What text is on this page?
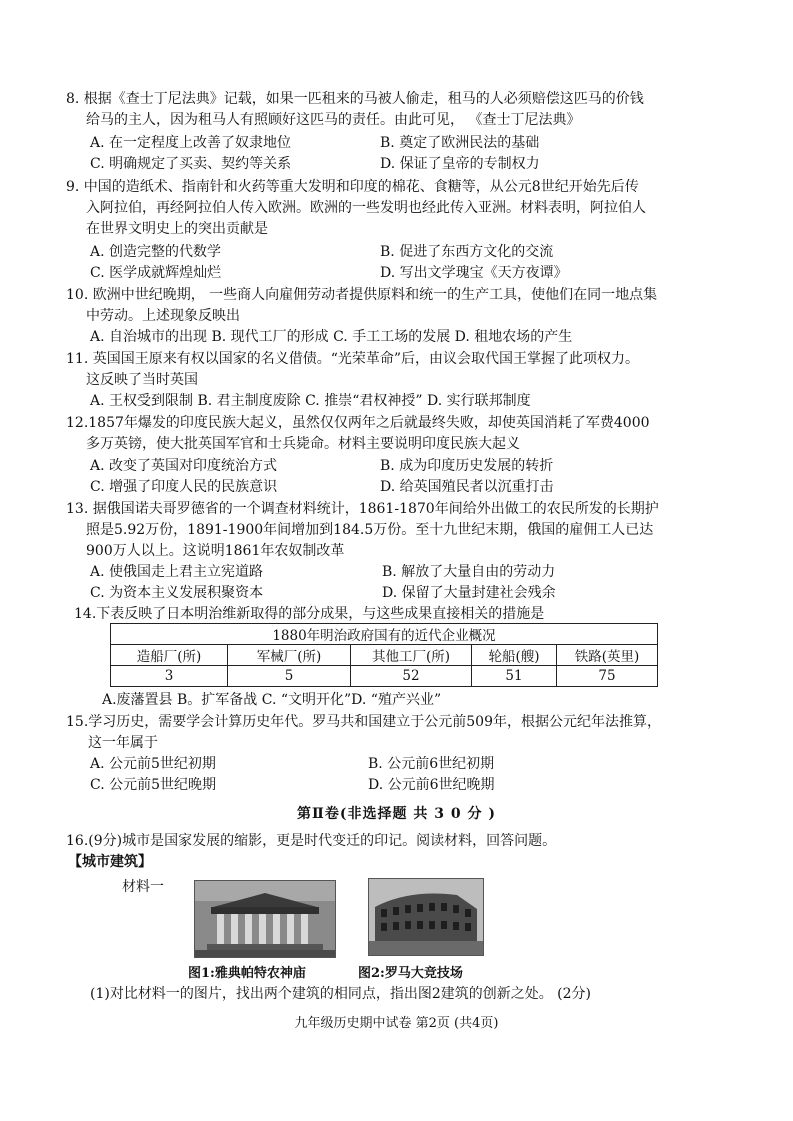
8. 根据《查士丁尼法典》记载，如果一匹租来的马被人偷走，租马的人必须赔偿这匹马的价钱
给马的主人，因为租马人有照顾好这匹马的责任。由此可见， 《查士丁尼法典》
A. 在一定程度上改善了奴隶地位	B. 奠定了欧洲民法的基础
C. 明确规定了买卖、契约等关系	D. 保证了皇帝的专制权力
9. 中国的造纸术、指南针和火药等重大发明和印度的棉花、食糖等，从公元8世纪开始先后传
入阿拉伯，再经阿拉伯人传入欧洲。欧洲的一些发明也经此传入亚洲。材料表明，阿拉伯人
在世界文明史上的突出贡献是
A. 创造完整的代数学	B. 促进了东西方文化的交流
C. 医学成就辉煌灿烂	D. 写出文学瑰宝《天方夜谭》
10. 欧洲中世纪晚期， 一些商人向雇佣劳动者提供原料和统一的生产工具，使他们在同一地点集
中劳动。上述现象反映出
A. 自治城市的出现 B. 现代工厂的形成 C. 手工工场的发展 D. 租地农场的产生
11. 英国国王原来有权以国家的名义借债。“光荣革命”后，由议会取代国王掌握了此项权力。
这反映了当时英国
A. 王权受到限制 B. 君主制度废除 C. 推崇“君权神授” D. 实行联邦制度
12.1857年爆发的印度民族大起义，虽然仅仅两年之后就最终失败，却使英国消耗了军费4000
多万英镑，使大批英国军官和士兵毙命。材料主要说明印度民族大起义
A. 改变了英国对印度统治方式	B. 成为印度历史发展的转折
C. 增强了印度人民的民族意识	D. 给英国殖民者以沉重打击
13. 据俄国诺夫哥罗德省的一个调查材料统计，1861-1870年间给外出做工的农民所发的长期护
照是5.92万份，1891-1900年间增加到184.5万份。至十九世纪末期，俄国的雇佣工人已达
900万人以上。这说明1861年农奴制改革
A. 使俄国走上君主立宪道路	B. 解放了大量自由的劳动力
C. 为资本主义发展积聚资本	D. 保留了大量封建社会残余
14.下表反映了日本明治维新取得的部分成果，与这些成果直接相关的措施是
1880年明治政府国有的近代企业概况				
造船厂(所)	军械厂(所)	其他工厂(所)	轮船(艘)	铁路(英里)
3	5	52	51	75
A.废藩置县 B。扩军备战 C. “文明开化”D. “殖产兴业”
15.学习历史，需要学会计算历史年代。罗马共和国建立于公元前509年，根据公元纪年法推算，
这一年属于
A. 公元前5世纪初期	B. 公元前6世纪初期
C. 公元前5世纪晚期	D. 公元前6世纪晚期
第Ⅱ卷(非选择题 共 3 0 分 )
16.(9分)城市是国家发展的缩影，更是时代变迁的印记。阅读材料，回答问题。
【城市建筑】
材料一
图1:雅典帕特农神庙	图2:罗马大竞技场
(1)对比材料一的图片，找出两个建筑的相同点，指出图2建筑的创新之处。 (2分)
九年级历史期中试卷 第2页 (共4页)
